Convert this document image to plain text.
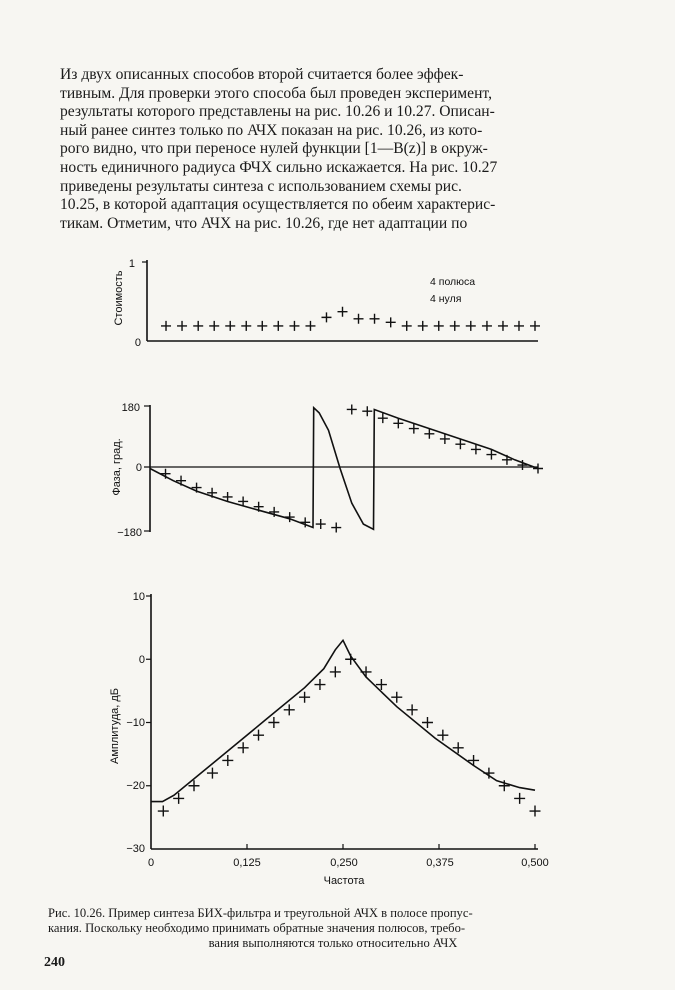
Из двух описанных способов второй считается более эффек-
тивным. Для проверки этого способа был проведен эксперимент,
результаты которого представлены на рис. 10.26 и 10.27. Описан-
ный ранее синтез только по АЧХ показан на рис. 10.26, из кото-
рого видно, что при переносе нулей функции [1—B(z)] в окруж-
ность единичного радиуса ФЧХ сильно искажается. На рис. 10.27
приведены результаты синтеза с использованием схемы рис.
10.25, в которой адаптация осуществляется по обеим характерис-
тикам. Отметим, что АЧХ на рис. 10.26, где нет адаптации по

Стоимость
1
0
4 полюса
4 нуля
Фаза, град.
180
0
−180
Амплитуда, дБ
10
0
−10
−20
−30
0	0,125	0,250	0,375	0,500
Частота
Рис. 10.26. Пример синтеза БИХ-фильтра и треугольной АЧХ в полосе пропус-
кания. Поскольку необходимо принимать обратные значения полюсов, требо-
вания выполняются только относительно АЧХ
240
